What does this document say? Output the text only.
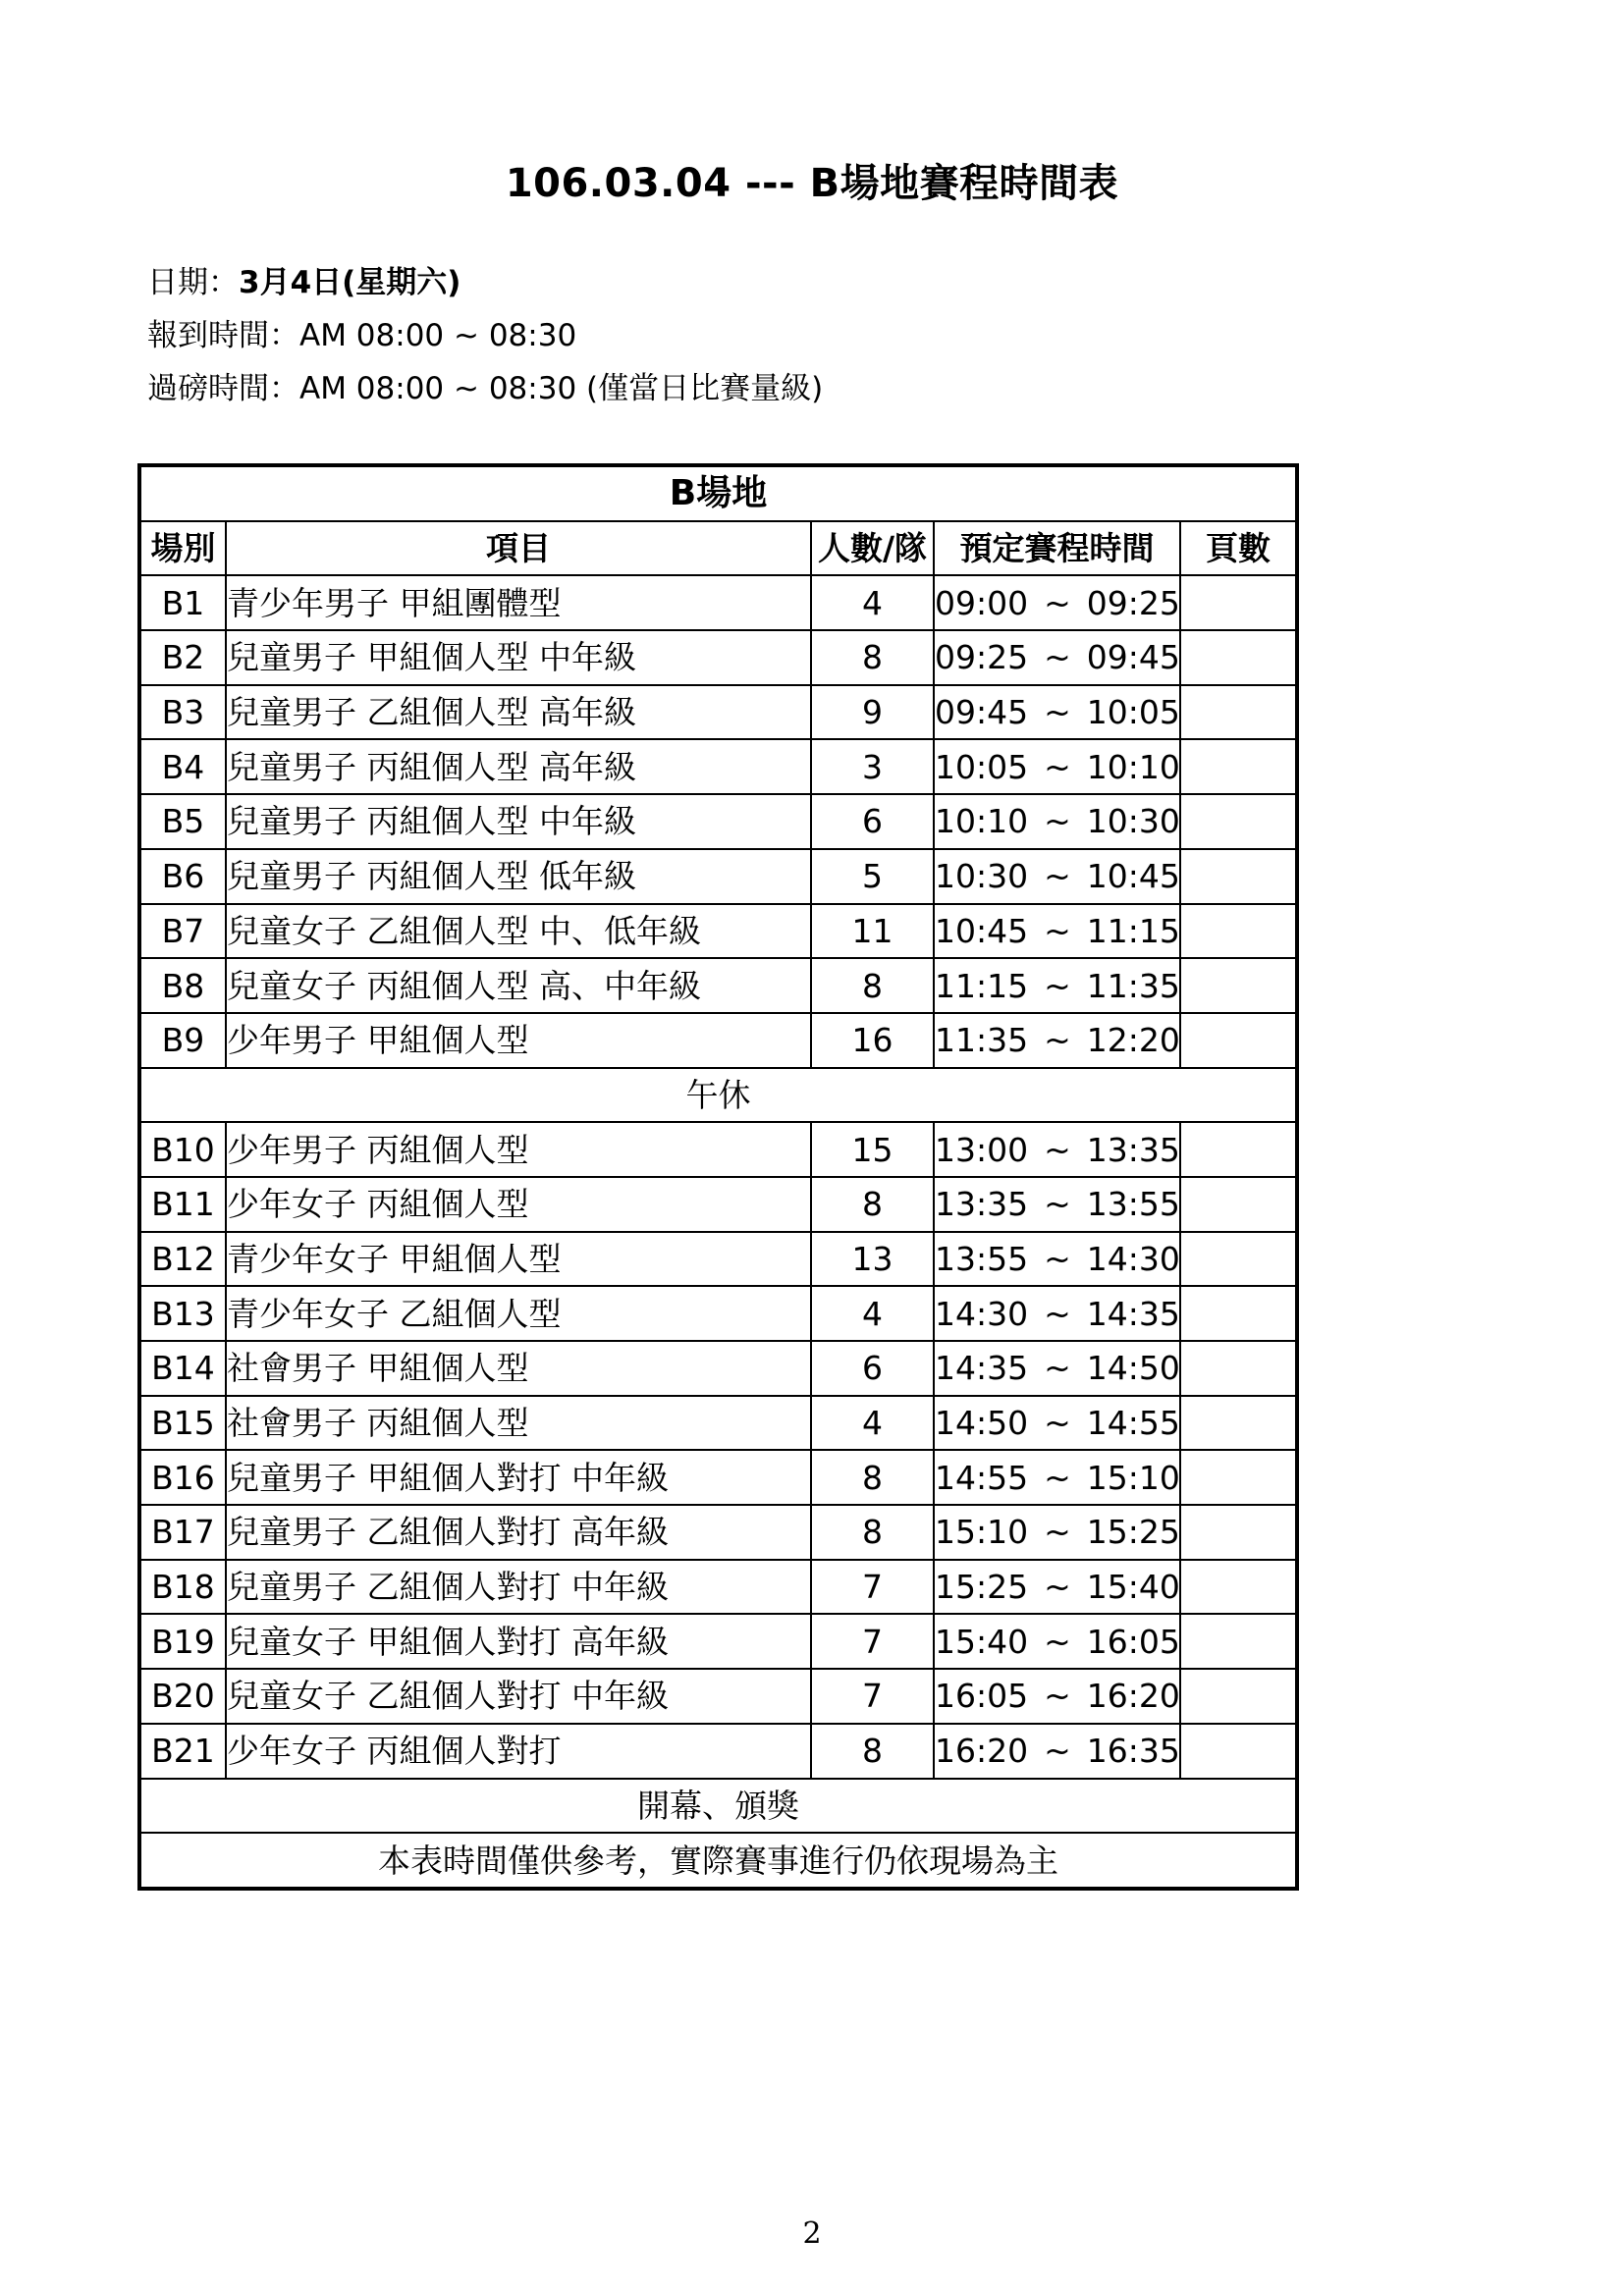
106.03.04 --- B場地賽程時間表
日期：3月4日(星期六)
報到時間：AM 08:00 ~ 08:30
過磅時間：AM 08:00 ~ 08:30 (僅當日比賽量級)
B場地				
場別	項目	人數/隊	預定賽程時間	頁數
B1	青少年男子 甲組團體型	4	09:00 ~ 09:25	
B2	兒童男子 甲組個人型 中年級	8	09:25 ~ 09:45	
B3	兒童男子 乙組個人型 高年級	9	09:45 ~ 10:05	
B4	兒童男子 丙組個人型 高年級	3	10:05 ~ 10:10	
B5	兒童男子 丙組個人型 中年級	6	10:10 ~ 10:30	
B6	兒童男子 丙組個人型 低年級	5	10:30 ~ 10:45	
B7	兒童女子 乙組個人型 中、低年級	11	10:45 ~ 11:15	
B8	兒童女子 丙組個人型 高、中年級	8	11:15 ~ 11:35	
B9	少年男子 甲組個人型	16	11:35 ~ 12:20	
午休				
B10	少年男子 丙組個人型	15	13:00 ~ 13:35	
B11	少年女子 丙組個人型	8	13:35 ~ 13:55	
B12	青少年女子 甲組個人型	13	13:55 ~ 14:30	
B13	青少年女子 乙組個人型	4	14:30 ~ 14:35	
B14	社會男子 甲組個人型	6	14:35 ~ 14:50	
B15	社會男子 丙組個人型	4	14:50 ~ 14:55	
B16	兒童男子 甲組個人對打 中年級	8	14:55 ~ 15:10	
B17	兒童男子 乙組個人對打 高年級	8	15:10 ~ 15:25	
B18	兒童男子 乙組個人對打 中年級	7	15:25 ~ 15:40	
B19	兒童女子 甲組個人對打 高年級	7	15:40 ~ 16:05	
B20	兒童女子 乙組個人對打 中年級	7	16:05 ~ 16:20	
B21	少年女子 丙組個人對打	8	16:20 ~ 16:35	
開幕、頒獎				
本表時間僅供參考，實際賽事進行仍依現場為主				
2
